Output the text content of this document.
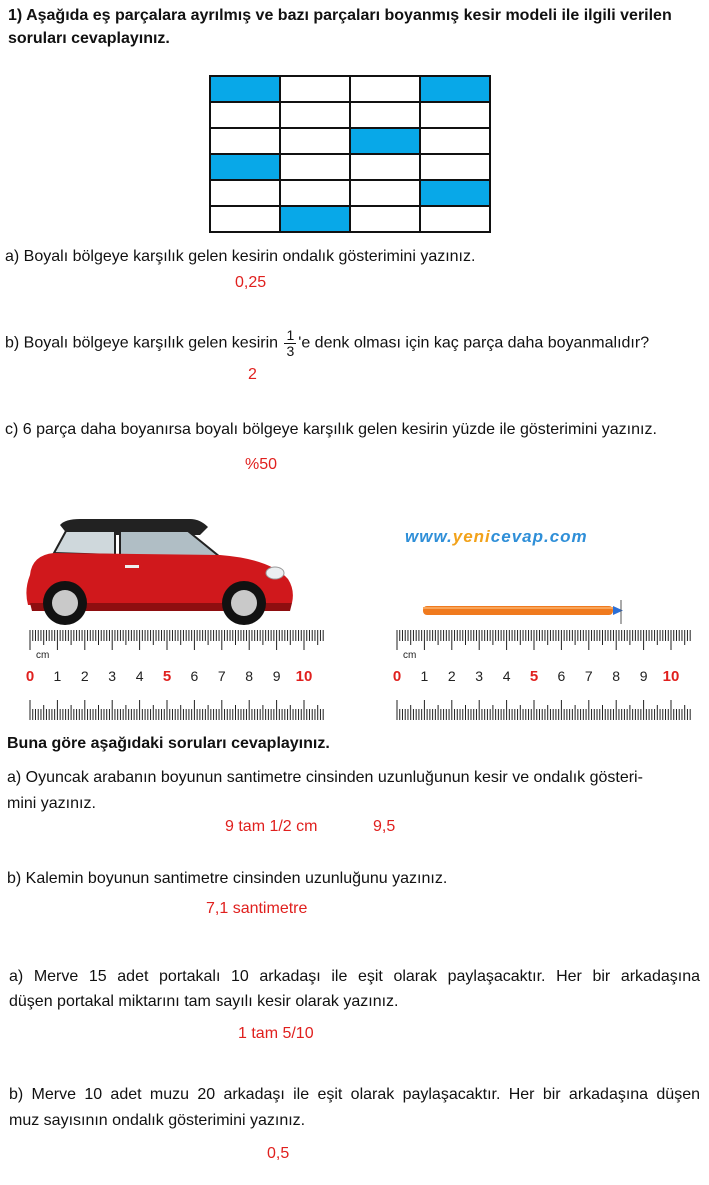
1) Aşağıda eş parçalara ayrılmış ve bazı parçaları boyanmış kesir modeli ile ilgili verilen soruları cevaplayınız.
a) Boyalı bölgeye karşılık gelen kesirin ondalık gösterimini yazınız.
0,25
b) Boyalı bölgeye karşılık gelen kesirin $\frac{1}{3}$ 'e denk olması için kaç parça daha boyanmalıdır?
2
c) 6 parça daha boyanırsa boyalı bölgeye karşılık gelen kesirin yüzde ile gösterimini yazınız.
%50
www.yenicevap.com
cm
0 1 2 3 4 5 6 7 8 9 10
cm
0 1 2 3 4 5 6 7 8 9 10
Buna göre aşağıdaki soruları cevaplayınız.
a) Oyuncak arabanın boyunun santimetre cinsinden uzunluğunun kesir ve ondalık gösteri-
mini yazınız.
9 tam 1/2 cm	9,5
b) Kalemin boyunun santimetre cinsinden uzunluğunu yazınız.
7,1 santimetre
a) Merve 15 adet portakalı 10 arkadaşı ile eşit olarak paylaşacaktır. Her bir arkadaşına
düşen portakal miktarını tam sayılı kesir olarak yazınız.
1 tam 5/10
b) Merve 10 adet muzu 20 arkadaşı ile eşit olarak paylaşacaktır. Her bir arkadaşına düşen
muz sayısının ondalık gösterimini yazınız.
0,5
